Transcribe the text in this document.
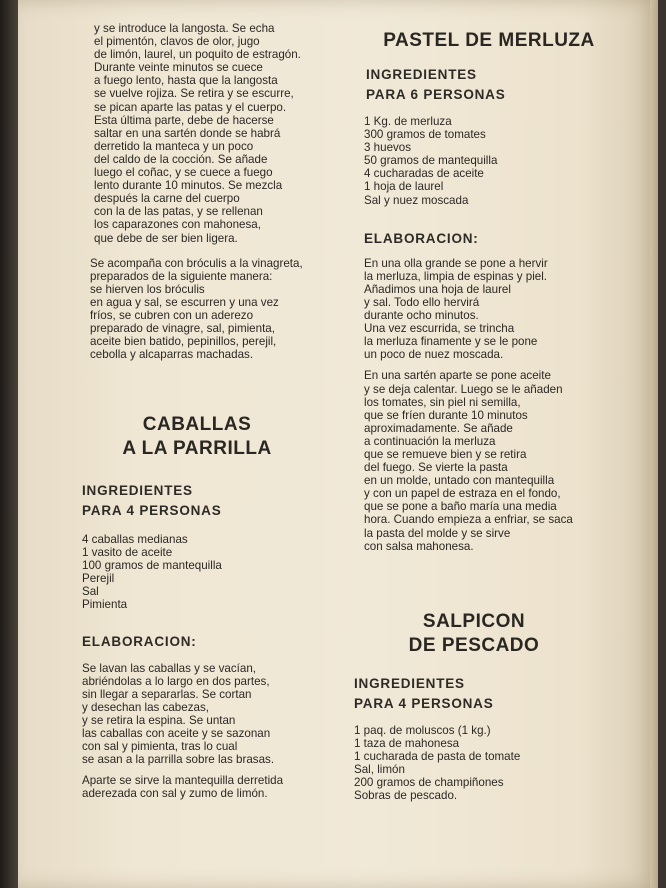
y se introduce la langosta. Se echa
el pimentón, clavos de olor, jugo
de limón, laurel, un poquito de estragón.
Durante veinte minutos se cuece
a fuego lento, hasta que la langosta
se vuelve rojiza. Se retira y se escurre,
se pican aparte las patas y el cuerpo.
Esta última parte, debe de hacerse
saltar en una sartén donde se habrá
derretido la manteca y un poco
del caldo de la cocción. Se añade
luego el coñac, y se cuece a fuego
lento durante 10 minutos. Se mezcla
después la carne del cuerpo
con la de las patas, y se rellenan
los caparazones con mahonesa,
que debe de ser bien ligera.
Se acompaña con bróculis a la vinagreta,
preparados de la siguiente manera:
se hierven los bróculis
en agua y sal, se escurren y una vez
fríos, se cubren con un aderezo
preparado de vinagre, sal, pimienta,
aceite bien batido, pepinillos, perejil,
cebolla y alcaparras machadas.

CABALLAS

A LA PARRILLA

INGREDIENTES

PARA 4 PERSONAS

4 caballas medianas
1 vasito de aceite
100 gramos de mantequilla
Perejil
Sal
Pimienta

ELABORACION:

Se lavan las caballas y se vacían,
abriéndolas a lo largo en dos partes,
sin llegar a separarlas. Se cortan
y desechan las cabezas,
y se retira la espina. Se untan
las caballas con aceite y se sazonan
con sal y pimienta, tras lo cual
se asan a la parrilla sobre las brasas.
Aparte se sirve la mantequilla derretida
aderezada con sal y zumo de limón.

PASTEL DE MERLUZA

INGREDIENTES

PARA 6 PERSONAS

1 Kg. de merluza
300 gramos de tomates
3 huevos
50 gramos de mantequilla
4 cucharadas de aceite
1 hoja de laurel
Sal y nuez moscada

ELABORACION:

En una olla grande se pone a hervir
la merluza, limpia de espinas y piel.
Añadimos una hoja de laurel
y sal. Todo ello hervirá
durante ocho minutos.
Una vez escurrida, se trincha
la merluza finamente y se le pone
un poco de nuez moscada.
En una sartén aparte se pone aceite
y se deja calentar. Luego se le añaden
los tomates, sin piel ni semilla,
que se fríen durante 10 minutos
aproximadamente. Se añade
a continuación la merluza
que se remueve bien y se retira
del fuego. Se vierte la pasta
en un molde, untado con mantequilla
y con un papel de estraza en el fondo,
que se pone a baño maría una media
hora. Cuando empieza a enfriar, se saca
la pasta del molde y se sirve
con salsa mahonesa.

SALPICON

DE PESCADO

INGREDIENTES

PARA 4 PERSONAS

1 paq. de moluscos (1 kg.)
1 taza de mahonesa
1 cucharada de pasta de tomate
Sal, limón
200 gramos de champiñones
Sobras de pescado.
